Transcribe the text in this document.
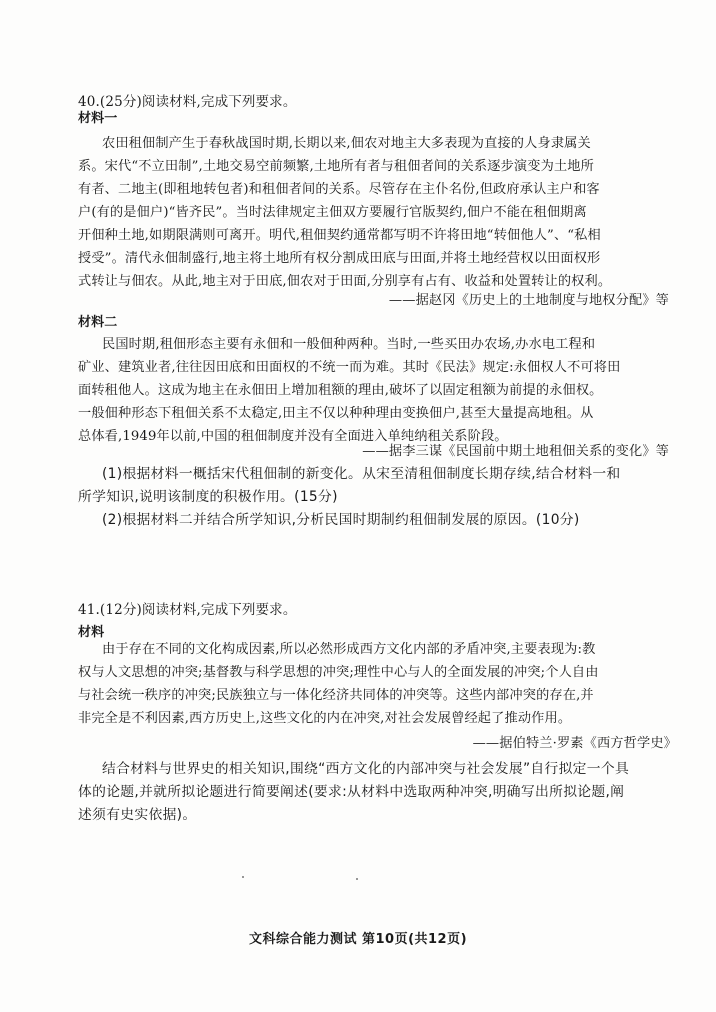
40.(25分)阅读材料,完成下列要求。
材料一
农田租佃制产生于春秋战国时期,长期以来,佃农对地主大多表现为直接的人身隶属关
系。宋代“不立田制”,土地交易空前频繁,土地所有者与租佃者间的关系逐步演变为土地所
有者、二地主(即租地转包者)和租佃者间的关系。尽管存在主仆名份,但政府承认主户和客
户(有的是佃户)“皆齐民”。当时法律规定主佃双方要履行官版契约,佃户不能在租佃期离
开佃种土地,如期限满则可离开。明代,租佃契约通常都写明不许将田地“转佃他人”、“私相
授受”。清代永佃制盛行,地主将土地所有权分割成田底与田面,并将土地经营权以田面权形
式转让与佃农。从此,地主对于田底,佃农对于田面,分别享有占有、收益和处置转让的权利。
——据赵冈《历史上的土地制度与地权分配》等
材料二
民国时期,租佃形态主要有永佃和一般佃种两种。当时,一些买田办农场,办水电工程和
矿业、建筑业者,往往因田底和田面权的不统一而为难。其时《民法》规定:永佃权人不可将田
面转租他人。这成为地主在永佃田上增加租额的理由,破坏了以固定租额为前提的永佃权。
一般佃种形态下租佃关系不太稳定,田主不仅以种种理由变换佃户,甚至大量提高地租。从
总体看,1949年以前,中国的租佃制度并没有全面进入单纯纳租关系阶段。
——据李三谋《民国前中期土地租佃关系的变化》等
(1)根据材料一概括宋代租佃制的新变化。从宋至清租佃制度长期存续,结合材料一和
所学知识,说明该制度的积极作用。(15分)
(2)根据材料二并结合所学知识,分析民国时期制约租佃制发展的原因。(10分)
41.(12分)阅读材料,完成下列要求。
材料
由于存在不同的文化构成因素,所以必然形成西方文化内部的矛盾冲突,主要表现为:教
权与人文思想的冲突;基督教与科学思想的冲突;理性中心与人的全面发展的冲突;个人自由
与社会统一秩序的冲突;民族独立与一体化经济共同体的冲突等。这些内部冲突的存在,并
非完全是不利因素,西方历史上,这些文化的内在冲突,对社会发展曾经起了推动作用。
——据伯特兰·罗素《西方哲学史》
结合材料与世界史的相关知识,围绕“西方文化的内部冲突与社会发展”自行拟定一个具
体的论题,并就所拟论题进行简要阐述(要求:从材料中选取两种冲突,明确写出所拟论题,阐
述须有史实依据)。
文科综合能力测试 第10页(共12页)
